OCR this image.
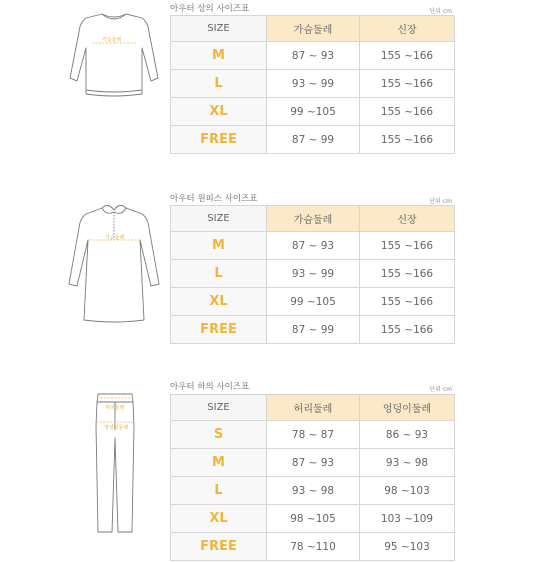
가슴둘레
아우터 상의 사이즈표	단위 cm
SIZE	가슴둘레	신장
M	87 ~ 93	155 ~166
L	93 ~ 99	155 ~166
XL	99 ~105	155 ~166
FREE	87 ~ 99	155 ~166
가슴둘레
아우터 원피스 사이즈표	단위 cm
SIZE	가슴둘레	신장
M	87 ~ 93	155 ~166
L	93 ~ 99	155 ~166
XL	99 ~105	155 ~166
FREE	87 ~ 99	155 ~166
허리둘레
엉덩이둘레
아우터 하의 사이즈표	단위 cm
SIZE	허리둘레	엉덩이둘레
S	78 ~ 87	86 ~ 93
M	87 ~ 93	93 ~ 98
L	93 ~ 98	98 ~103
XL	98 ~105	103 ~109
FREE	78 ~110	95 ~103
